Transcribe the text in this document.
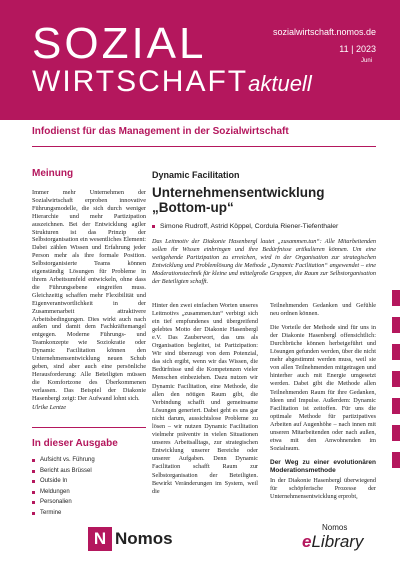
SOZIAL
WIRTSCHAFTaktuell
sozialwirtschaft.nomos.de
11 | 2023
Juni
Infodienst für das Management in der Sozialwirtschaft
Meinung
Immer mehr Unternehmen der Sozialwirtschaft erproben innovative Führungsmodelle, die sich durch weniger Hierarchie und mehr Partizipation auszeichnen. Bei der Entwicklung agiler Strukturen ist das Prinzip der Selbstorganisation ein wesentliches Element: Dabei zählen Wissen und Erfahrung jeder Person mehr als ihre formale Position. Selbstorganisierte Teams können eigenständig Lösungen für Probleme in ihrem Arbeitsumfeld entwickeln, ohne dass die Führungsebene eingreifen muss. Gleichzeitig schaffen mehr Flexibilität und Eigenverantwortlichkeit in der Zusammenarbeit attraktivere Arbeitsbedingungen. Dies wirkt auch nach außen und damit dem Fachkräftemangel entgegen. Moderne Führungs- und Teamkonzepte wie Soziokratie oder Dynamic Facilitation können den Unternehmensentwicklung neuen Schub geben, sind aber auch eine persönliche Herausforderung: Alle Beteiligten müssen die Komfortzone des Überkommenen verlassen. Das Beispiel der Diakonie Hasenbergl zeigt: Der Aufwand lohnt sich.
Ulrike Lentze
In dieser Ausgabe
Aufsicht vs. Führung
Bericht aus Brüssel
Outside In
Meldungen
Personalien
Termine
Dynamic Facilitation
Unternehmensentwicklung „Bottom-up“
Simone Rudroff, Astrid Köppel, Cordula Riener-Tiefenthaler
Das Leitmotiv der Diakonie Hasenbergl lautet „zusammen.tun“: Alle Mitarbeitenden sollen ihr Wissen einbringen und ihre Bedürfnisse artikulieren können. Um eine weitgehende Partizipation zu erreichen, wird in der Organisation zur strategischen Entwicklung und Problemlösung die Methode „Dynamic Facilitation“ angewendet – eine Moderationstechnik für kleine und mittelgroße Gruppen, die Raum zur Selbstorganisation der Beteiligten schafft.

Hinter den zwei einfachen Worten unseres Leitmotivs „zusammen.tun“ verbirgt sich ein tief empfundenes und übergreifend gelebtes Motto der Diakonie Hasenbergl e.V. Das Zauberwort, das uns als Organisation begleitet, ist Partizipation: Wir sind überzeugt von dem Potenzial, das sich ergibt, wenn wir das Wissen, die Bedürfnisse und die Kompetenzen vieler Menschen einbeziehen. Dazu nutzen wir Dynamic Facilitation, eine Methode, die allen den nötigen Raum gibt, die Verbindung schafft und gemeinsame Lösungen generiert. Dabei geht es uns gar nicht darum, aussichtslose Probleme zu lösen – wir nutzen Dynamic Facilitation vielmehr präventiv in vielen Situationen unseres Arbeitsalltags, zur strategischen Entwicklung unserer Bereiche oder unserer Aufgaben. Denn Dynamic Facilitation schafft Raum zur Selbstorganisation der Beteiligten. Bewirkt Veränderungen im System, weil die

Teilnehmenden Gedanken und Gefühle neu ordnen können.

Die Vorteile der Methode sind für uns in der Diakonie Hasenbergl offensichtlich: Durchbrüche können herbeigeführt und Lösungen gefunden werden, über die nicht mehr abgestimmt werden muss, weil sie von allen Teilnehmenden mitgetragen und hinterher auch mit Energie umgesetzt werden. Dabei gibt die Methode allen Teilnehmenden Raum für ihre Gedanken, Ideen und Impulse. Außerdem: Dynamic Facilitation ist zeitoffen. Für uns die optimale Methode für partizipatives Arbeiten auf Augenhöhe – nach innen mit unseren Mitarbeitenden oder nach außen, etwa mit den Anwohnenden im Sozialraum.

Der Weg zu einer evolutionären Moderationsmethode

In der Diakonie Hasenbergl überwiegend für schöpferische Prozesse der Unternehmensentwicklung erprobt,

N Nomos
Nomos
eLibrary
